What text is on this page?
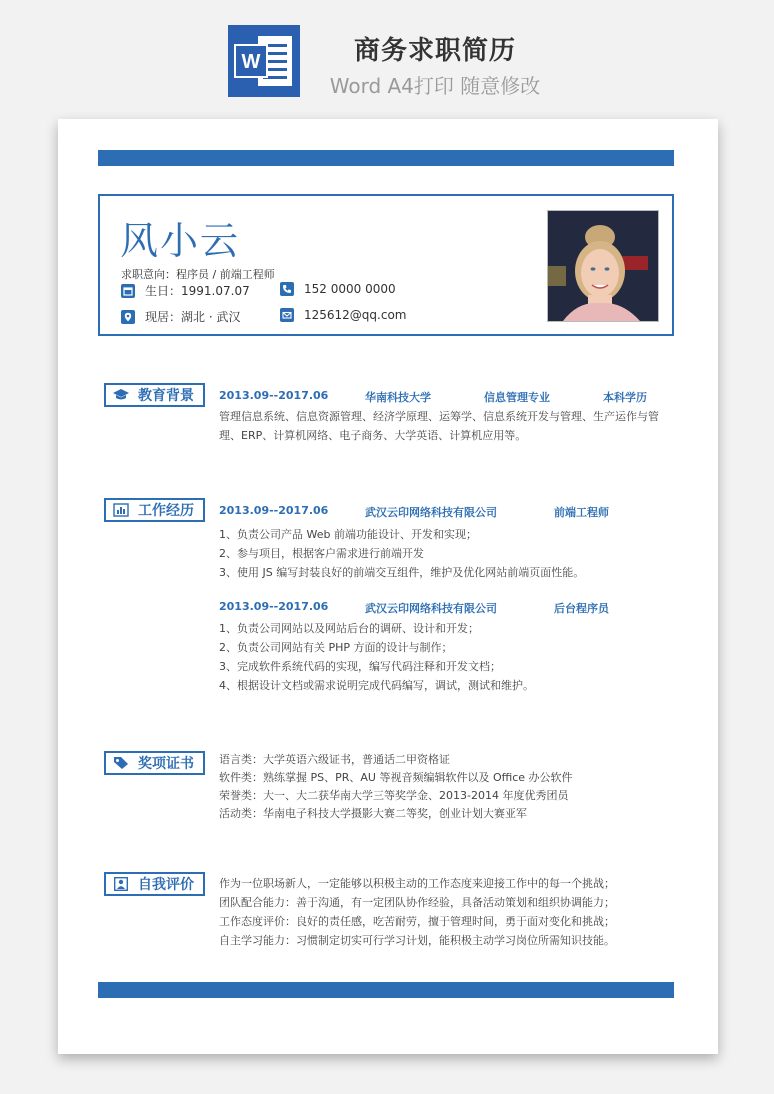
W	商务求职简历
Word A4打印 随意修改
风小云
求职意向：程序员 / 前端工程师
生日：1991.07.07	152 0000 0000
现居：湖北 · 武汉	125612@qq.com
教育背景 2013.09--2017.06	华南科技大学	信息管理专业	本科学历
管理信息系统、信息资源管理、经济学原理、运筹学、信息系统开发与管理、生产运作与管
理、ERP、计算机网络、电子商务、大学英语、计算机应用等。
工作经历 2013.09--2017.06	武汉云印网络科技有限公司	前端工程师
1、负责公司产品 Web 前端功能设计、开发和实现；
2、参与项目，根据客户需求进行前端开发
3、使用 JS 编写封装良好的前端交互组件，维护及优化网站前端页面性能。
2013.09--2017.06	武汉云印网络科技有限公司	后台程序员
1、负责公司网站以及网站后台的调研、设计和开发；
2、负责公司网站有关 PHP 方面的设计与制作；
3、完成软件系统代码的实现，编写代码注释和开发文档；
4、根据设计文档或需求说明完成代码编写，调试，测试和维护。
奖项证书 语言类：大学英语六级证书，普通话二甲资格证
软件类：熟练掌握 PS、PR、AU 等视音频编辑软件以及 Office 办公软件
荣誉类：大一、大二获华南大学三等奖学金、2013-2014 年度优秀团员
活动类：华南电子科技大学摄影大赛二等奖，创业计划大赛亚军
自我评价 作为一位职场新人，一定能够以积极主动的工作态度来迎接工作中的每一个挑战；
团队配合能力：善于沟通，有一定团队协作经验，具备活动策划和组织协调能力；
工作态度评价：良好的责任感，吃苦耐劳，擅于管理时间，勇于面对变化和挑战；
自主学习能力：习惯制定切实可行学习计划，能积极主动学习岗位所需知识技能。
